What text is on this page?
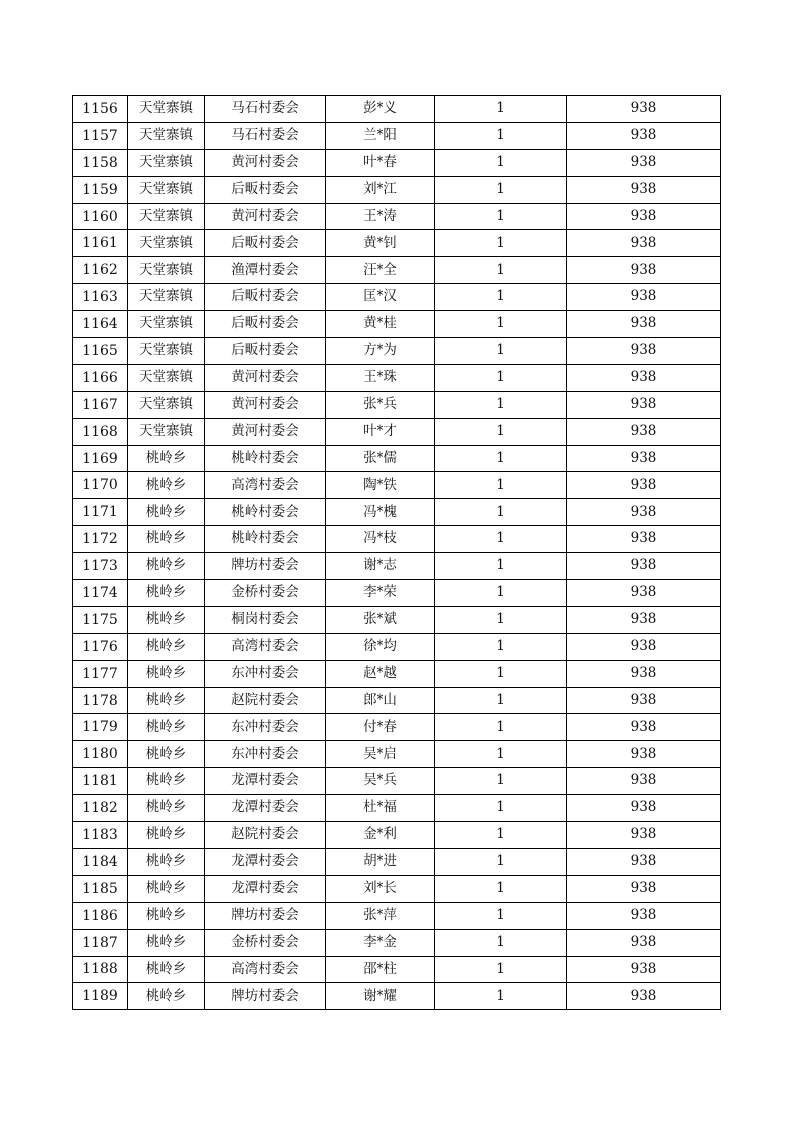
1156	天堂寨镇	马石村委会	彭*义	1	938
1157	天堂寨镇	马石村委会	兰*阳	1	938
1158	天堂寨镇	黄河村委会	叶*春	1	938
1159	天堂寨镇	后畈村委会	刘*江	1	938
1160	天堂寨镇	黄河村委会	王*涛	1	938
1161	天堂寨镇	后畈村委会	黄*钊	1	938
1162	天堂寨镇	渔潭村委会	汪*全	1	938
1163	天堂寨镇	后畈村委会	匡*汉	1	938
1164	天堂寨镇	后畈村委会	黄*桂	1	938
1165	天堂寨镇	后畈村委会	方*为	1	938
1166	天堂寨镇	黄河村委会	王*珠	1	938
1167	天堂寨镇	黄河村委会	张*兵	1	938
1168	天堂寨镇	黄河村委会	叶*才	1	938
1169	桃岭乡	桃岭村委会	张*儒	1	938
1170	桃岭乡	高湾村委会	陶*铁	1	938
1171	桃岭乡	桃岭村委会	冯*槐	1	938
1172	桃岭乡	桃岭村委会	冯*枝	1	938
1173	桃岭乡	牌坊村委会	谢*志	1	938
1174	桃岭乡	金桥村委会	李*荣	1	938
1175	桃岭乡	桐岗村委会	张*斌	1	938
1176	桃岭乡	高湾村委会	徐*均	1	938
1177	桃岭乡	东冲村委会	赵*越	1	938
1178	桃岭乡	赵院村委会	郎*山	1	938
1179	桃岭乡	东冲村委会	付*春	1	938
1180	桃岭乡	东冲村委会	吴*启	1	938
1181	桃岭乡	龙潭村委会	吴*兵	1	938
1182	桃岭乡	龙潭村委会	杜*福	1	938
1183	桃岭乡	赵院村委会	金*利	1	938
1184	桃岭乡	龙潭村委会	胡*进	1	938
1185	桃岭乡	龙潭村委会	刘*长	1	938
1186	桃岭乡	牌坊村委会	张*萍	1	938
1187	桃岭乡	金桥村委会	李*金	1	938
1188	桃岭乡	高湾村委会	邵*柱	1	938
1189	桃岭乡	牌坊村委会	谢*耀	1	938
